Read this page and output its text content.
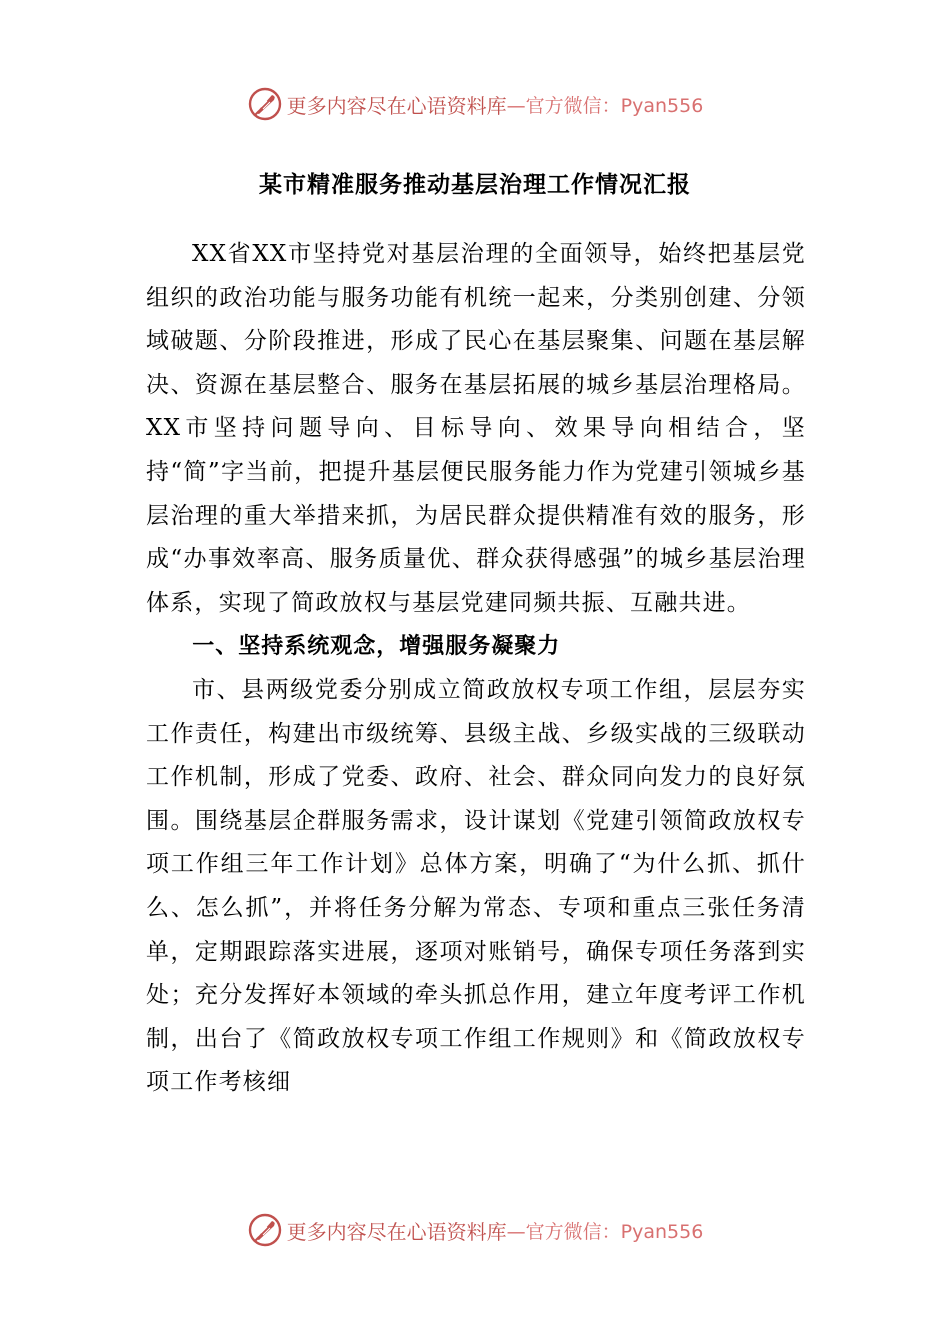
更多内容尽在心语资料库 —官方微信：Pyan556
某市精准服务推动基层治理工作情况汇报

XX省XX市坚持党对基层治理的全面领导，始终把基层党组织的政治功能与服务功能有机统一起来，分类别创建、分领域破题、分阶段推进，形成了民心在基层聚集、问题在基层解决、资源在基层整合、服务在基层拓展的城乡基层治理格局。XX市坚持问题导向、目标导向、效果导向相结合，坚持“简”字当前，把提升基层便民服务能力作为党建引领城乡基层治理的重大举措来抓，为居民群众提供精准有效的服务，形成“办事效率高、服务质量优、群众获得感强”的城乡基层治理体系，实现了简政放权与基层党建同频共振、互融共进。

一、坚持系统观念，增强服务凝聚力

市、县两级党委分别成立简政放权专项工作组，层层夯实工作责任，构建出市级统筹、县级主战、乡级实战的三级联动工作机制，形成了党委、政府、社会、群众同向发力的良好氛围。围绕基层企群服务需求，设计谋划《党建引领简政放权专项工作组三年工作计划》总体方案，明确了“为什么抓、抓什么、怎么抓”，并将任务分解为常态、专项和重点三张任务清单，定期跟踪落实进展，逐项对账销号，确保专项任务落到实处；充分发挥好本领域的牵头抓总作用，建立年度考评工作机制，出台了《简政放权专项工作组工作规则》和《简政放权专项工作考核细

更多内容尽在心语资料库 —官方微信：Pyan556
